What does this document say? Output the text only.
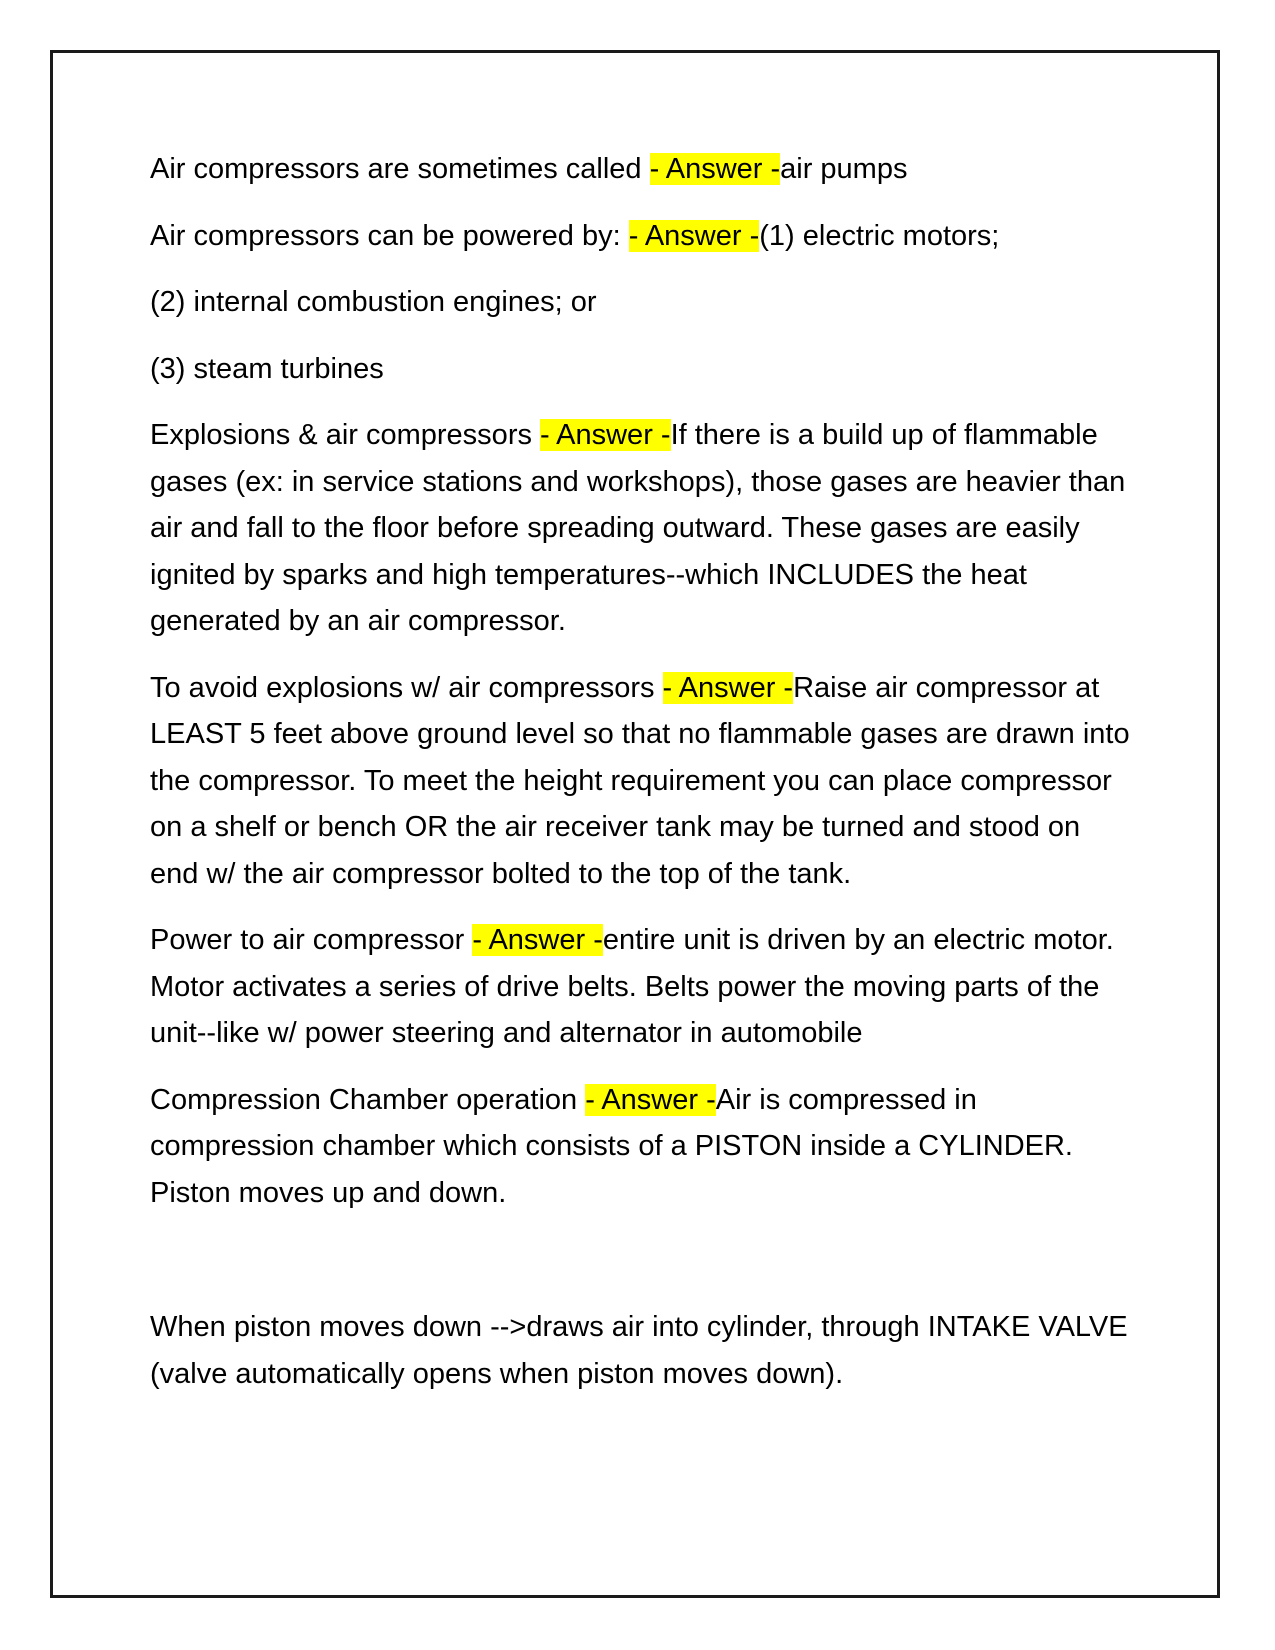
Air compressors are sometimes called - Answer -air pumps

Air compressors can be powered by: - Answer -(1) electric motors;

(2) internal combustion engines; or

(3) steam turbines

Explosions & air compressors - Answer -If there is a build up of flammable gases (ex: in service stations and workshops), those gases are heavier than air and fall to the floor before spreading outward. These gases are easily ignited by sparks and high temperatures--which INCLUDES the heat generated by an air compressor.

To avoid explosions w/ air compressors - Answer -Raise air compressor at LEAST 5 feet above ground level so that no flammable gases are drawn into the compressor. To meet the height requirement you can place compressor on a shelf or bench OR the air receiver tank may be turned and stood on end w/ the air compressor bolted to the top of the tank.

Power to air compressor - Answer -entire unit is driven by an electric motor. Motor activates a series of drive belts. Belts power the moving parts of the unit--like w/ power steering and alternator in automobile

Compression Chamber operation - Answer -Air is compressed in compression chamber which consists of a PISTON inside a CYLINDER. Piston moves up and down.

When piston moves down -->draws air into cylinder, through INTAKE VALVE (valve automatically opens when piston moves down).
